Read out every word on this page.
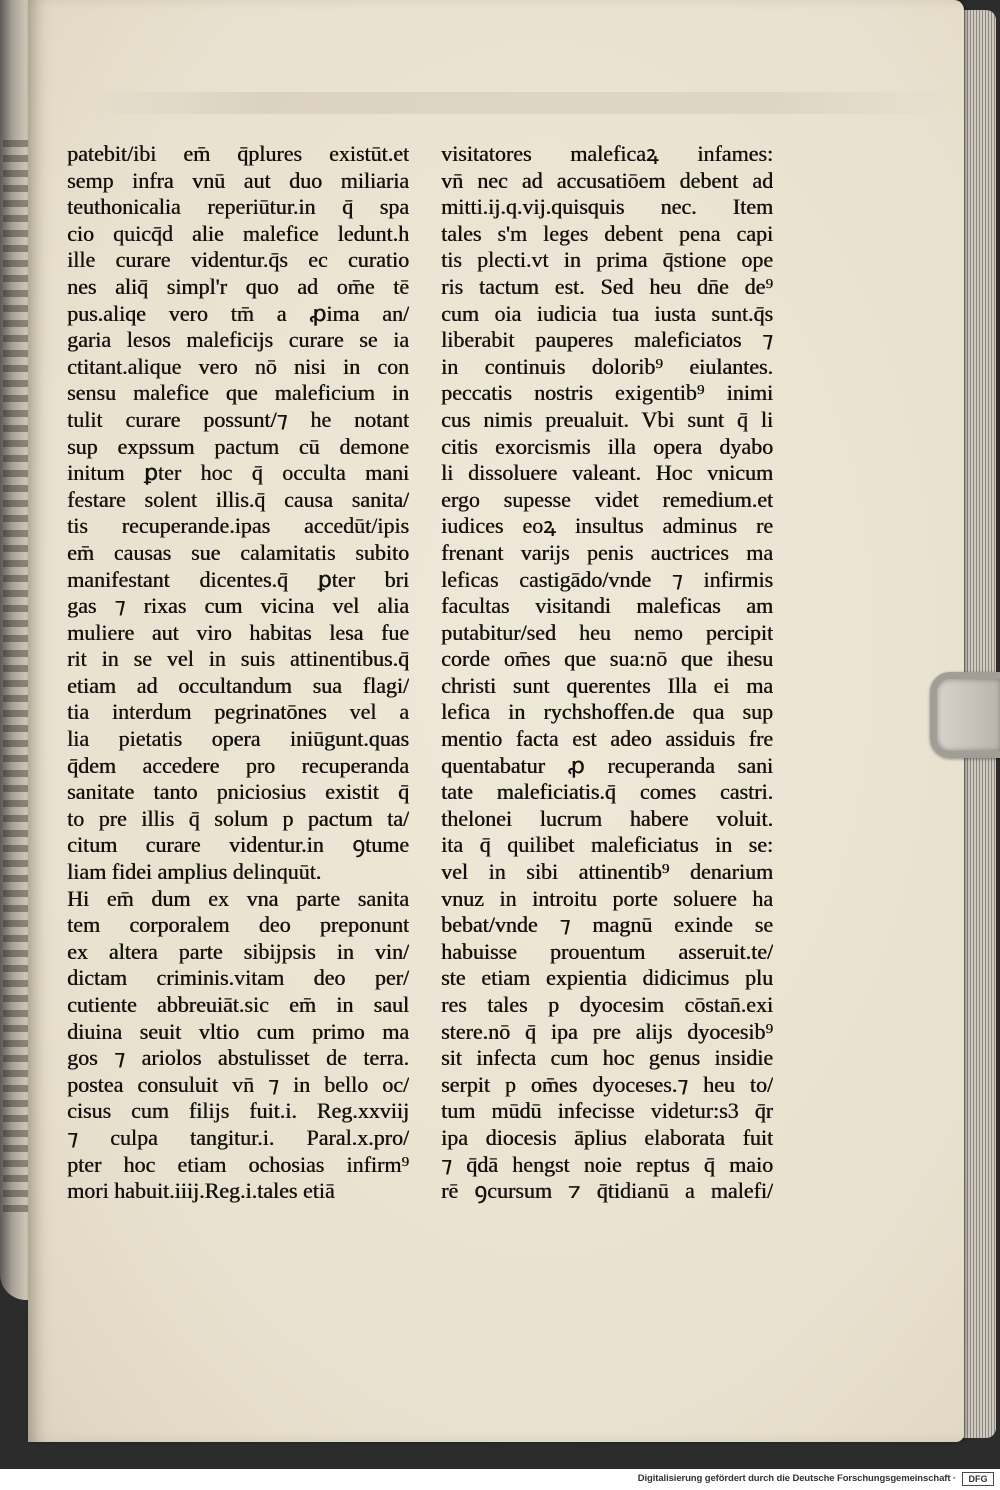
patebit/ibi em̄ q̄plures existūt.et
semp infra vnū aut duo miliaria
teuthonicalia reperiūtur.in q̄ spa
cio quicq̄d alie malefice ledunt.h
ille curare videntur.q̄s ec curatio
nes aliq̄ simpl'r quo ad om̄e tē
pus.aliqe vero tm̄ a ꝓima an/
garia lesos maleficijs curare se ia
ctitant.alique vero nō nisi in con
sensu malefice que maleficium in
tulit curare possunt/⁊ he notant
sup expssum pactum cū demone
initum ꝑter hoc q̄ occulta mani
festare solent illis.q̄ causa sanita/
tis recuperande.ipas accedūt/ipis
em̄ causas sue calamitatis subito
manifestant dicentes.q̄ ꝑter bri
gas ⁊ rixas cum vicina vel alia
muliere aut viro habitas lesa fue
rit in se vel in suis attinentibus.q̄
etiam ad occultandum sua flagi/
tia interdum pegrinatōnes vel a
lia pietatis opera iniūgunt.quas
q̄dem accedere pro recuperanda
sanitate tanto pniciosius existit q̄
to pre illis q̄ solum p pactum ta/
citum curare videntur.in ꝯtume
liam fidei amplius delinquūt.
Hi em̄ dum ex vna parte sanita
tem corporalem deo preponunt
ex altera parte sibijpsis in vin/
dictam criminis.vitam deo per/
cutiente abbreuiāt.sic em̄ in saul
diuina seuit vltio cum primo ma
gos ⁊ ariolos abstulisset de terra.
postea consuluit vn̄ ⁊ in bello oc/
cisus cum filijs fuit.i. Reg.xxviij
⁊ culpa tangitur.i. Paral.x.pro/
pter hoc etiam ochosias infirm⁹
mori habuit.iiij.Reg.i.tales etiā
visitatores maleficaꝝ infames:
vn̄ nec ad accusatiōem debent ad
mitti.ij.q.vij.quisquis nec. Item
tales s'm leges debent pena capi
tis plecti.vt in prima q̄stione ope
ris tactum est. Sed heu dn̄e de⁹
cum oia iudicia tua iusta sunt.q̄s
liberabit pauperes maleficiatos ⁊
in continuis dolorib⁹ eiulantes.
peccatis nostris exigentib⁹ inimi
cus nimis preualuit. Vbi sunt q̄ li
citis exorcismis illa opera dyabo
li dissoluere valeant. Hoc vnicum
ergo supesse videt remedium.et
iudices eoꝝ insultus adminus re
frenant varijs penis auctrices ma
leficas castigādo/vnde ⁊ infirmis
facultas visitandi maleficas am
putabitur/sed heu nemo percipit
corde om̄es que sua:nō que ihesu
christi sunt querentes Illa ei ma
lefica in rychshoffen.de qua sup
mentio facta est adeo assiduis fre
quentabatur ꝓ recuperanda sani
tate maleficiatis.q̄ comes castri.
thelonei lucrum habere voluit.
ita q̄ quilibet maleficiatus in se:
vel in sibi attinentib⁹ denarium
vnuz in introitu porte soluere ha
bebat/vnde ⁊ magnū exinde se
habuisse prouentum asseruit.te/
ste etiam expientia didicimus plu
res tales p dyocesim cōstan̄.exi
stere.nō q̄ ipa pre alijs dyocesib⁹
sit infecta cum hoc genus insidie
serpit p om̄es dyoceses.⁊ heu to/
tum mūdū infecisse videtur:s3 q̄r
ipa diocesis āplius elaborata fuit
⁊ q̄dā hengst noie reptus q̄ maio
rē ꝯcursum ⁊ q̄tidianū a malefi/
Digitalisierung gefördert durch die Deutsche Forschungsgemeinschaft ·	DFG
